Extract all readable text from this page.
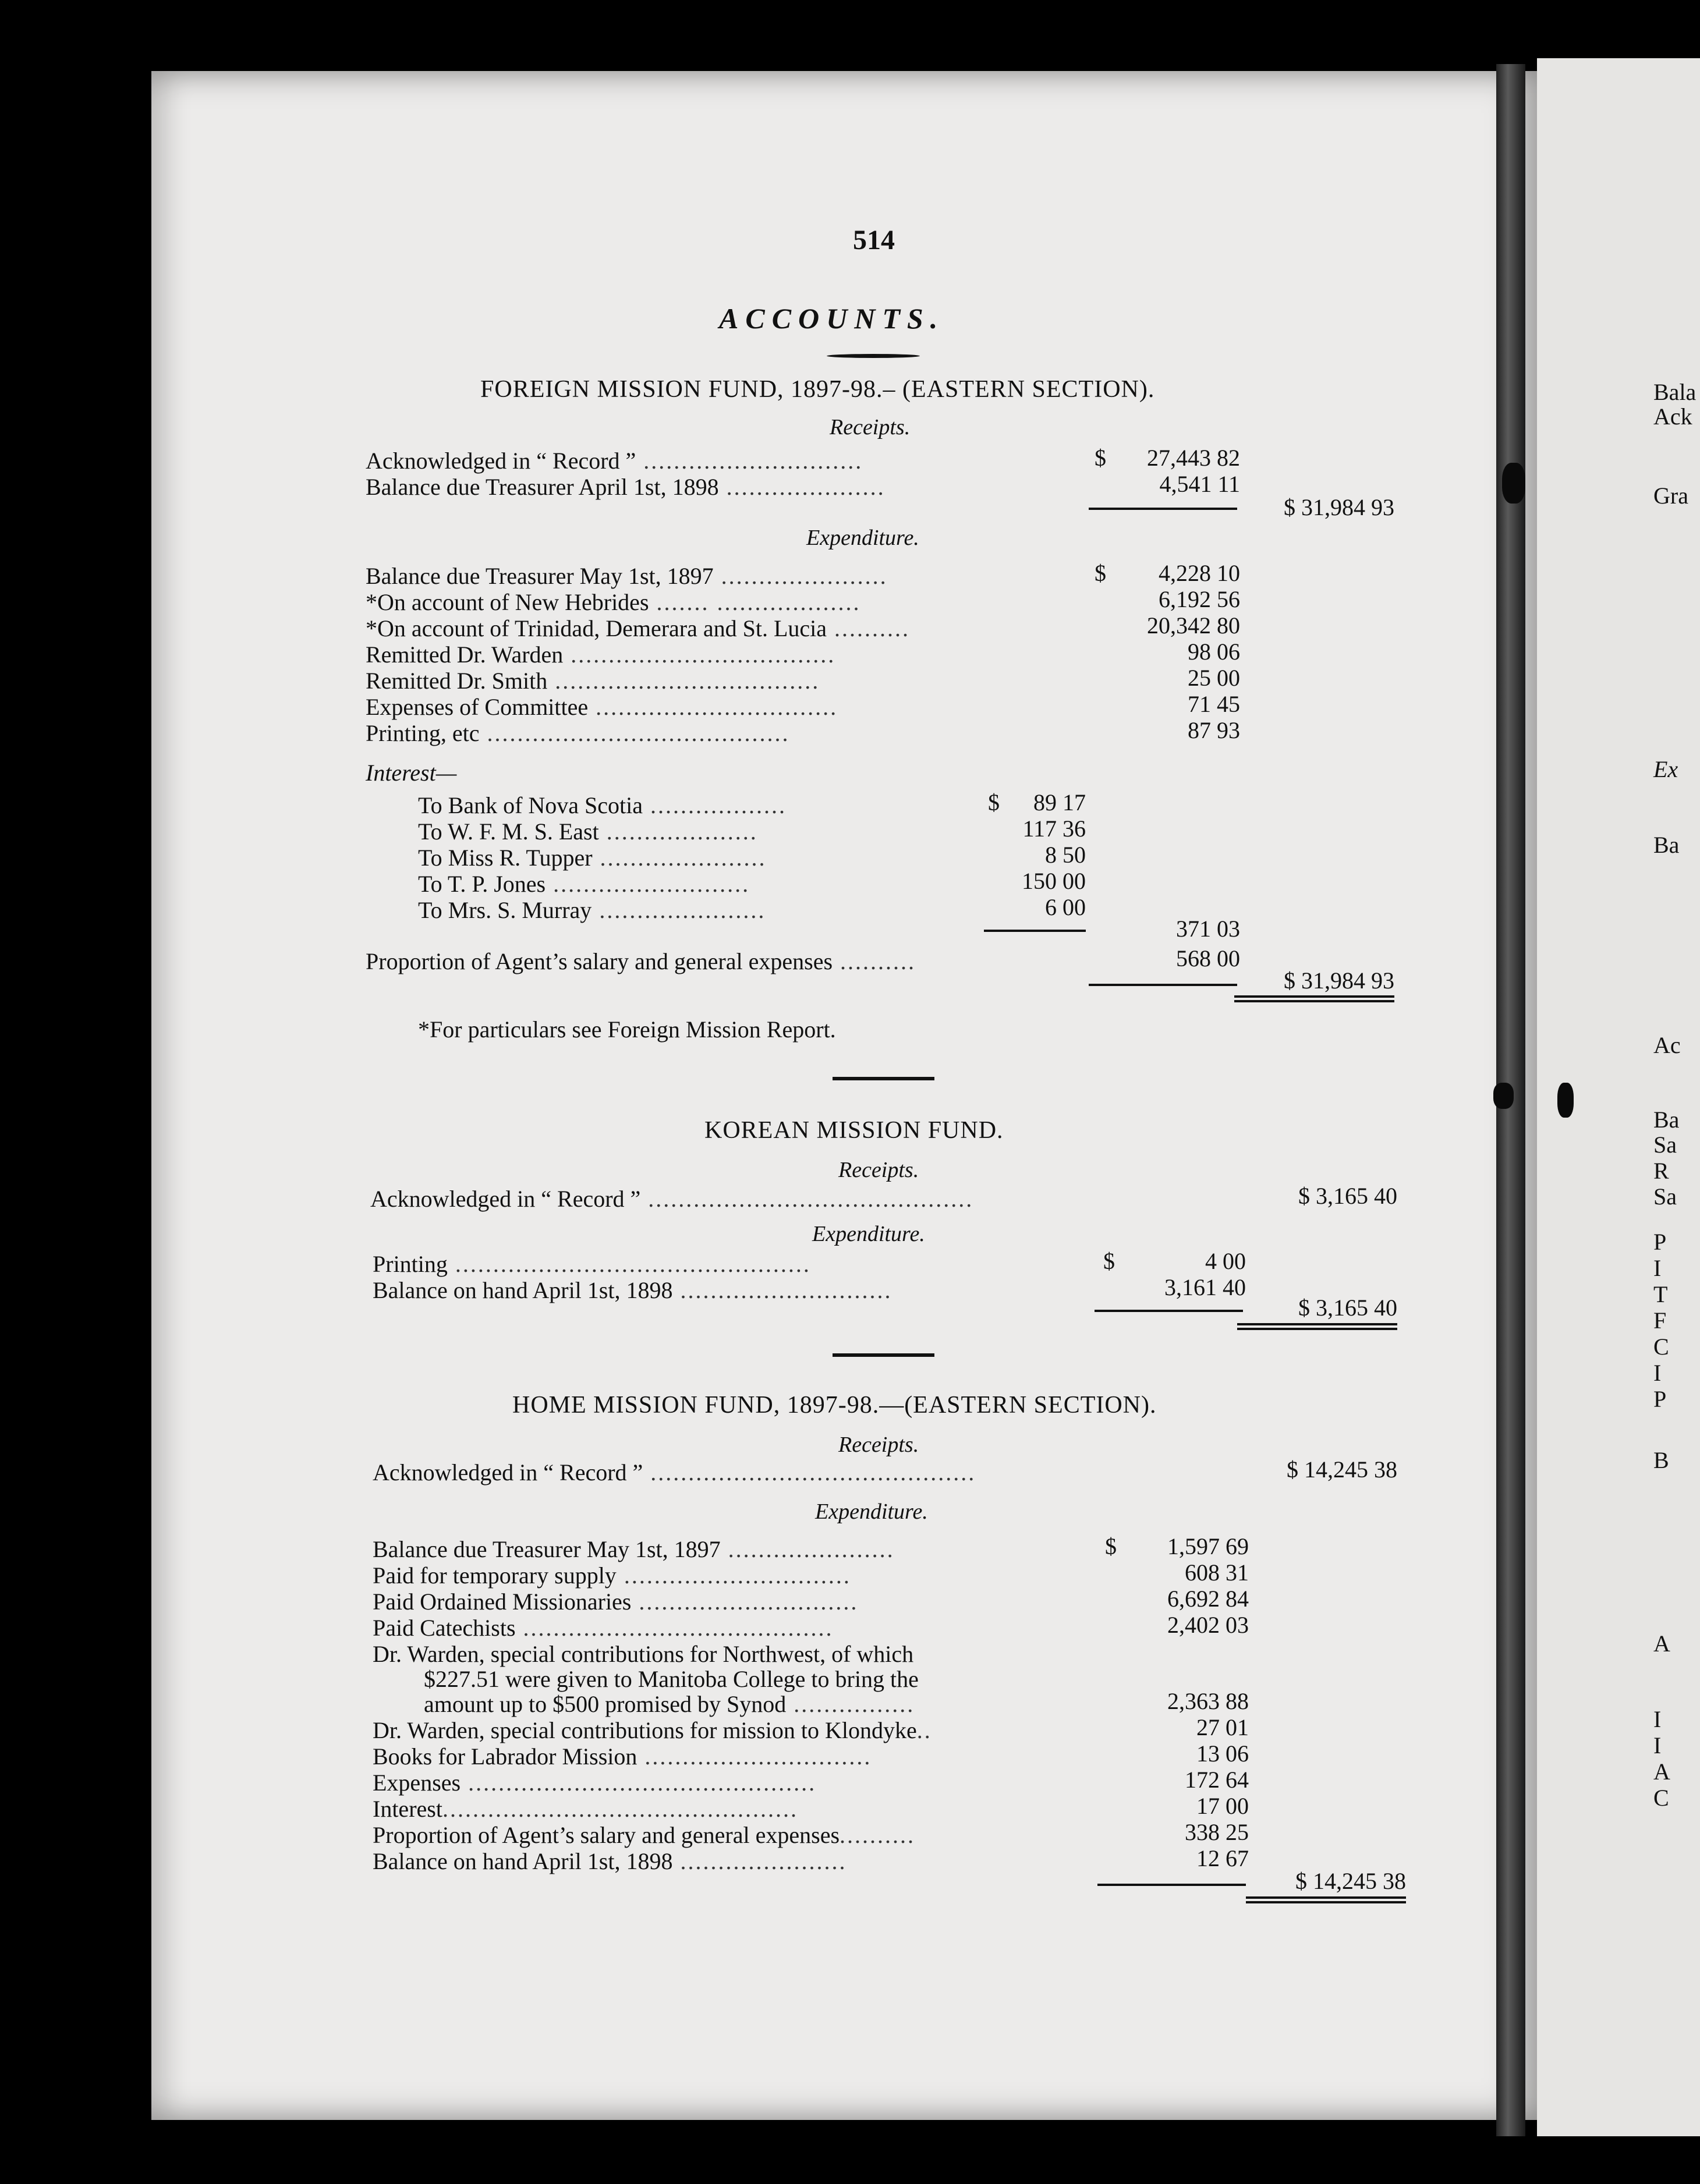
Bala
Ack
Gra
Ex
Ba
Ac
Ba
Sa
R
Sa
P
I
T
F
C
I
P
B
A
I
I
A
C
514
ACCOUNTS.
FOREIGN MISSION FUND, 1897-98.– (EASTERN SECTION).
Receipts.
Acknowledged in “ Record ” .............................	$	27,443 82
Balance due Treasurer April 1st, 1898 .....................	4,541 11
$ 31,984 93
Expenditure.
Balance due Treasurer May 1st, 1897 ......................	$	4,228 10
*On account of New Hebrides ....... ...................	6,192 56
*On account of Trinidad, Demerara and St. Lucia ..........	20,342 80
Remitted Dr. Warden ...................................	98 06
Remitted Dr. Smith ...................................	25 00
Expenses of Committee ................................	71 45
Printing, etc ........................................	87 93
Interest—
To Bank of Nova Scotia ..................	$	89 17
To W. F. M. S. East ....................	117 36
To Miss R. Tupper ......................	8 50
To T. P. Jones ..........................	150 00
To Mrs. S. Murray ......................	6 00
371 03
Proportion of Agent’s salary and general expenses ..........	568 00
$ 31,984 93
*For particulars see Foreign Mission Report.
KOREAN MISSION FUND.
Receipts.
Acknowledged in “ Record ” ...........................................	$ 3,165 40
Expenditure.
Printing ...............................................	$	4 00
Balance on hand April 1st, 1898 ............................	3,161 40
$ 3,165 40
HOME MISSION FUND, 1897-98.—(EASTERN SECTION).
Receipts.
Acknowledged in “ Record ” ...........................................	$ 14,245 38
Expenditure.
Balance due Treasurer May 1st, 1897 ......................	$	1,597 69
Paid for temporary supply ..............................	608 31
Paid Ordained Missionaries .............................	6,692 84
Paid Catechists .........................................	2,402 03
Dr. Warden, special contributions for Northwest, of which
$227.51 were given to Manitoba College to bring the
amount up to $500 promised by Synod ................	2,363 88
Dr. Warden, special contributions for mission to Klondyke..	27 01
Books for Labrador Mission ..............................	13 06
Expenses ..............................................	172 64
Interest...............................................	17 00
Proportion of Agent’s salary and general expenses..........	338 25
Balance on hand April 1st, 1898 ......................	12 67
$ 14,245 38
